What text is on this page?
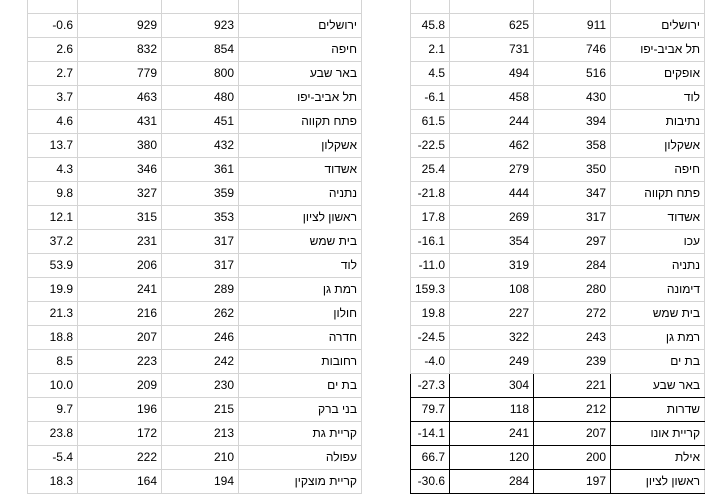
-0.6	929	923	ירושלים
2.6	832	854	חיפה
2.7	779	800	באר שבע
3.7	463	480	תל אביב-יפו
4.6	431	451	פתח תקווה
13.7	380	432	אשקלון
4.3	346	361	אשדוד
9.8	327	359	נתניה
12.1	315	353	ראשון לציון
37.2	231	317	בית שמש
53.9	206	317	לוד
19.9	241	289	רמת גן
21.3	216	262	חולון
18.8	207	246	חדרה
8.5	223	242	רחובות
10.0	209	230	בת ים
9.7	196	215	בני ברק
23.8	172	213	קריית גת
-5.4	222	210	עפולה
18.3	164	194	קריית מוצקין

45.8	625	911	ירושלים
2.1	731	746	תל אביב-יפו
4.5	494	516	אופקים
-6.1	458	430	לוד
61.5	244	394	נתיבות
-22.5	462	358	אשקלון
25.4	279	350	חיפה
-21.8	444	347	פתח תקווה
17.8	269	317	אשדוד
-16.1	354	297	עכו
-11.0	319	284	נתניה
159.3	108	280	דימונה
19.8	227	272	בית שמש
-24.5	322	243	רמת גן
-4.0	249	239	בת ים
-27.3	304	221	באר שבע
79.7	118	212	שדרות
-14.1	241	207	קריית אונו
66.7	120	200	אילת
-30.6	284	197	ראשון לציון
